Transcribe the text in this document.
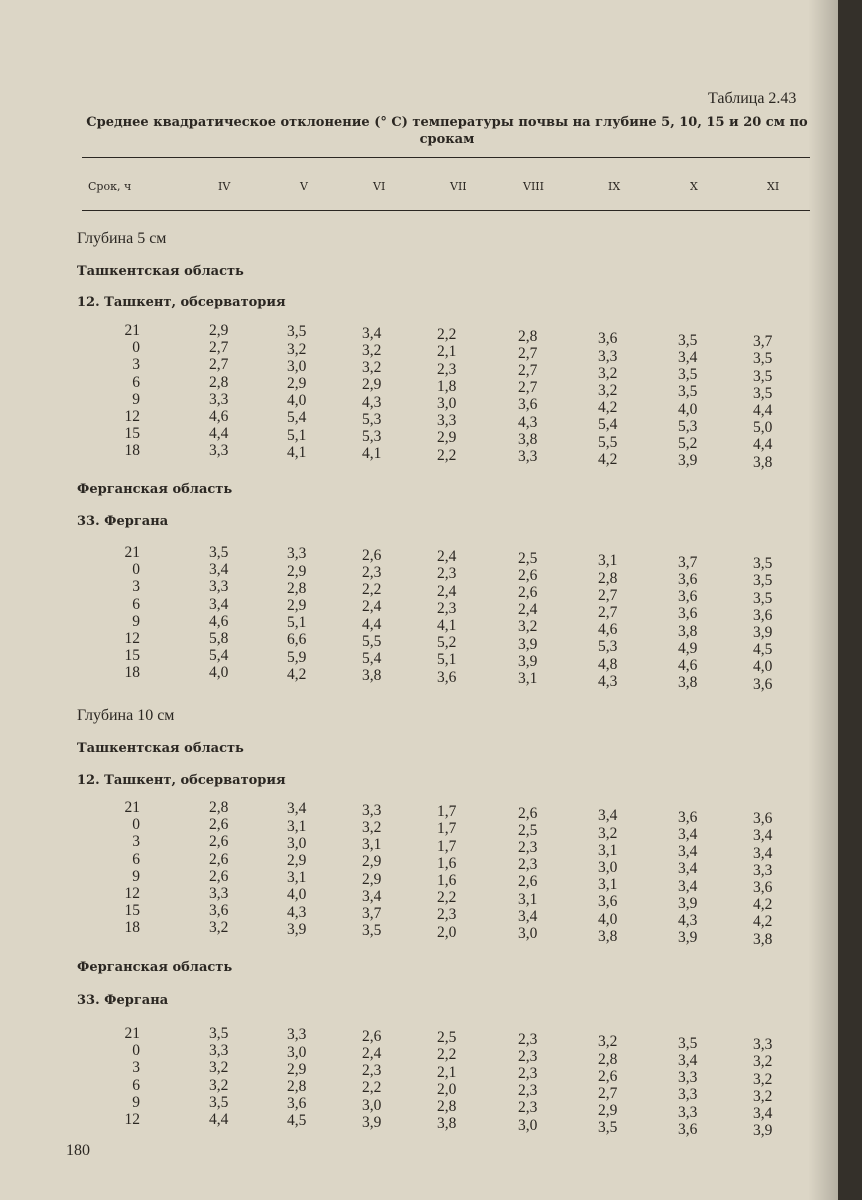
Таблица 2.43
Среднее квадратическое отклонение (° С) температуры почвы на глубине 5, 10, 15 и 20 см по срокам
Срок, ч	IV	V	VI	VII	VIII	IX	X	XI
Глубина 5 см
Ташкентская область
12. Ташкент, обсерватория
21	2,9	3,5	3,4	2,2	2,8	3,6	3,5	3,7
0	2,7	3,2	3,2	2,1	2,7	3,3	3,4	3,5
3	2,7	3,0	3,2	2,3	2,7	3,2	3,5	3,5
6	2,8	2,9	2,9	1,8	2,7	3,2	3,5	3,5
9	3,3	4,0	4,3	3,0	3,6	4,2	4,0	4,4
12	4,6	5,4	5,3	3,3	4,3	5,4	5,3	5,0
15	4,4	5,1	5,3	2,9	3,8	5,5	5,2	4,4
18	3,3	4,1	4,1	2,2	3,3	4,2	3,9	3,8
Ферганская область
33. Фергана
21	3,5	3,3	2,6	2,4	2,5	3,1	3,7	3,5
0	3,4	2,9	2,3	2,3	2,6	2,8	3,6	3,5
3	3,3	2,8	2,2	2,4	2,6	2,7	3,6	3,5
6	3,4	2,9	2,4	2,3	2,4	2,7	3,6	3,6
9	4,6	5,1	4,4	4,1	3,2	4,6	3,8	3,9
12	5,8	6,6	5,5	5,2	3,9	5,3	4,9	4,5
15	5,4	5,9	5,4	5,1	3,9	4,8	4,6	4,0
18	4,0	4,2	3,8	3,6	3,1	4,3	3,8	3,6
Глубина 10 см
Ташкентская область
12. Ташкент, обсерватория
21	2,8	3,4	3,3	1,7	2,6	3,4	3,6	3,6
0	2,6	3,1	3,2	1,7	2,5	3,2	3,4	3,4
3	2,6	3,0	3,1	1,7	2,3	3,1	3,4	3,4
6	2,6	2,9	2,9	1,6	2,3	3,0	3,4	3,3
9	2,6	3,1	2,9	1,6	2,6	3,1	3,4	3,6
12	3,3	4,0	3,4	2,2	3,1	3,6	3,9	4,2
15	3,6	4,3	3,7	2,3	3,4	4,0	4,3	4,2
18	3,2	3,9	3,5	2,0	3,0	3,8	3,9	3,8
Ферганская область
33. Фергана
21	3,5	3,3	2,6	2,5	2,3	3,2	3,5	3,3
0	3,3	3,0	2,4	2,2	2,3	2,8	3,4	3,2
3	3,2	2,9	2,3	2,1	2,3	2,6	3,3	3,2
6	3,2	2,8	2,2	2,0	2,3	2,7	3,3	3,2
9	3,5	3,6	3,0	2,8	2,3	2,9	3,3	3,4
12	4,4	4,5	3,9	3,8	3,0	3,5	3,6	3,9
180
